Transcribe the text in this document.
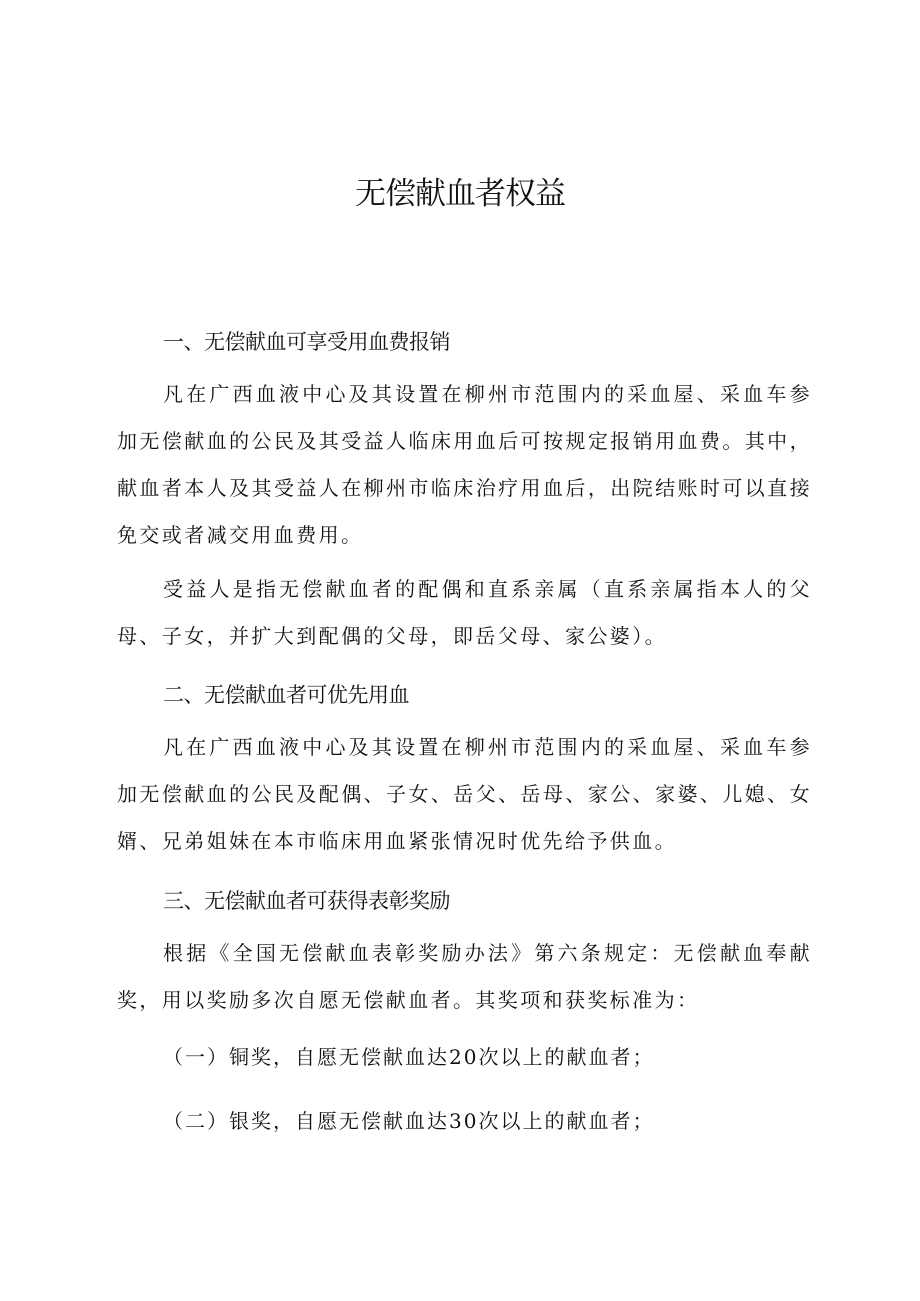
无偿献血者权益
一、无偿献血可享受用血费报销

凡在广西血液中心及其设置在柳州市范围内的采血屋、采血车参加无偿献血的公民及其受益人临床用血后可按规定报销用血费。其中，献血者本人及其受益人在柳州市临床治疗用血后，出院结账时可以直接免交或者减交用血费用。

受益人是指无偿献血者的配偶和直系亲属（直系亲属指本人的父母、子女，并扩大到配偶的父母，即岳父母、家公婆）。

二、无偿献血者可优先用血

凡在广西血液中心及其设置在柳州市范围内的采血屋、采血车参加无偿献血的公民及配偶、子女、岳父、岳母、家公、家婆、儿媳、女婿、兄弟姐妹在本市临床用血紧张情况时优先给予供血。

三、无偿献血者可获得表彰奖励

根据《全国无偿献血表彰奖励办法》第六条规定：无偿献血奉献奖，用以奖励多次自愿无偿献血者。其奖项和获奖标准为：

（一）铜奖，自愿无偿献血达20次以上的献血者；

（二）银奖，自愿无偿献血达30次以上的献血者；
